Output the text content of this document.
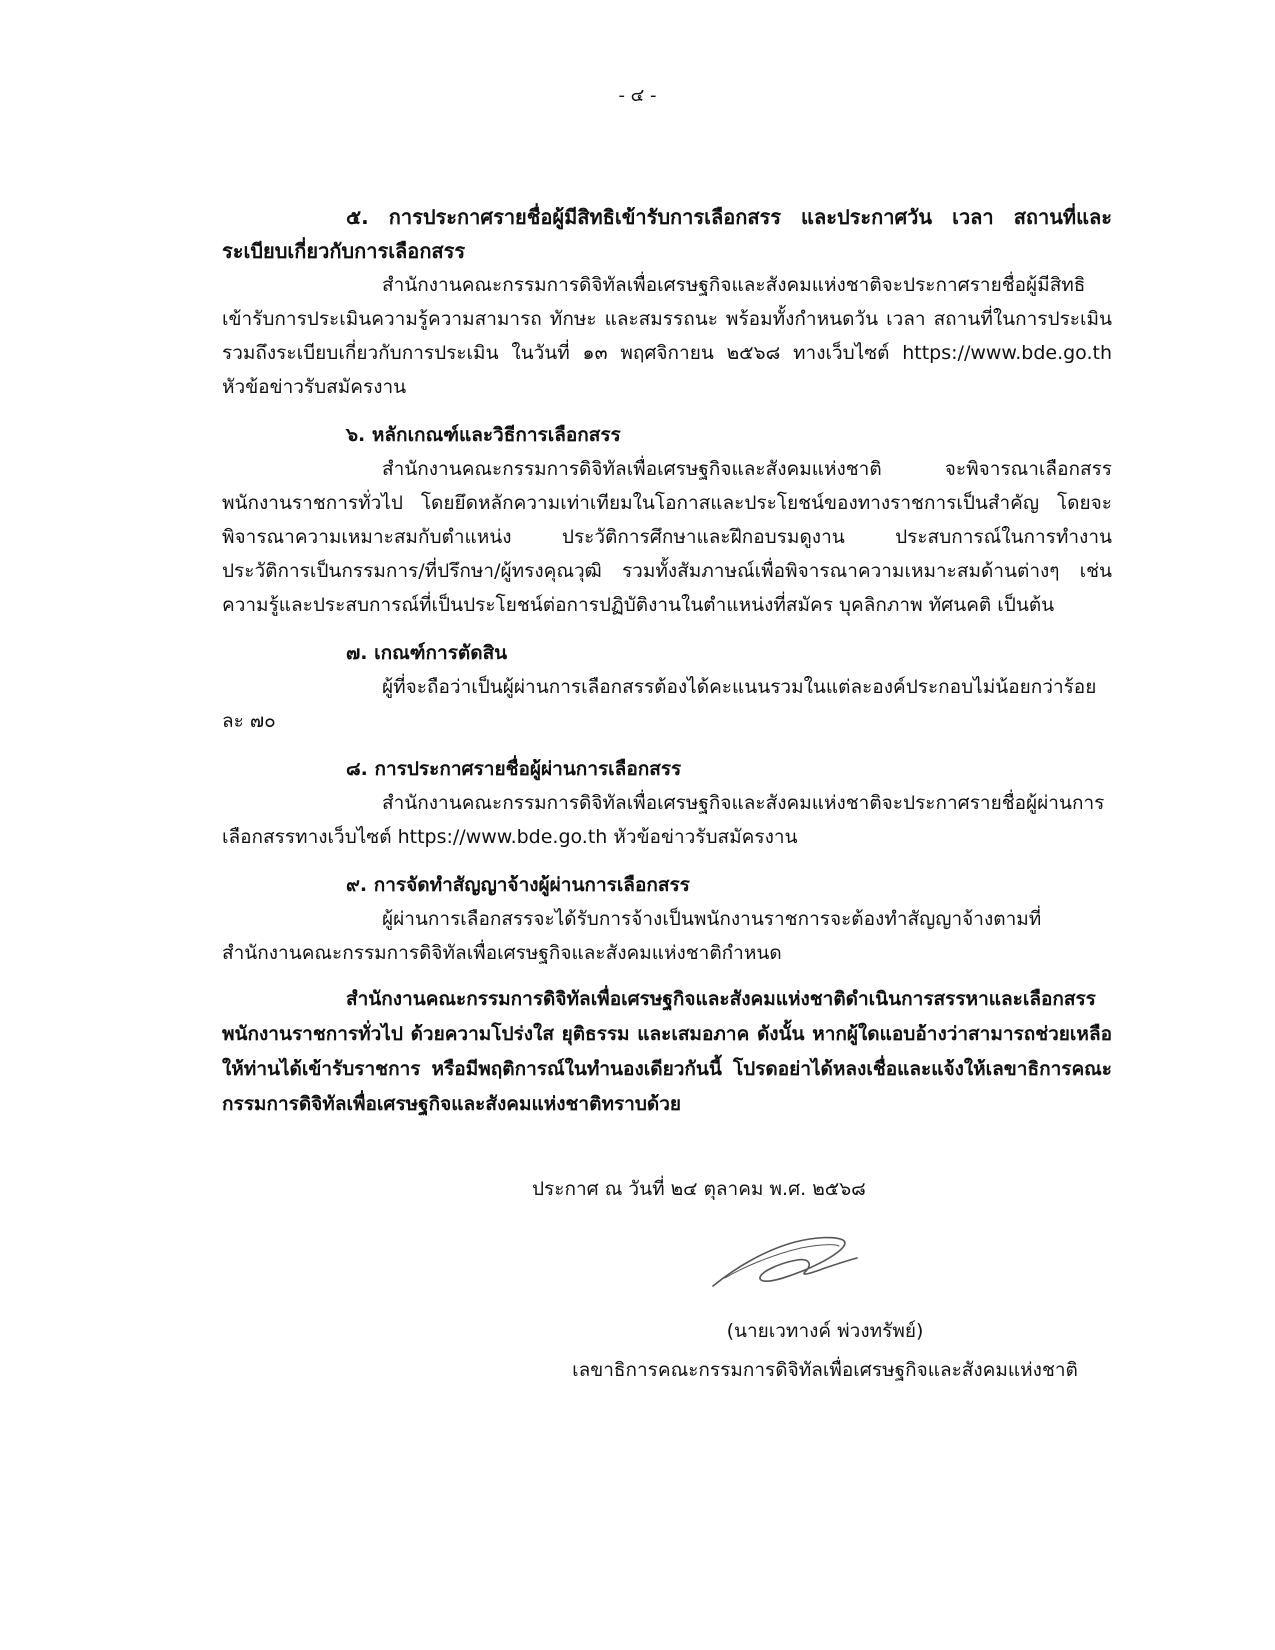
- ๔ -

๕. การประกาศรายชื่อผู้มีสิทธิเข้ารับการเลือกสรร และประกาศวัน เวลา สถานที่และระเบียบเกี่ยวกับการเลือกสรร

สำนักงานคณะกรรมการดิจิทัลเพื่อเศรษฐกิจและสังคมแห่งชาติจะประกาศรายชื่อผู้มีสิทธิเข้ารับการประเมินความรู้ความสามารถ ทักษะ และสมรรถนะ พร้อมทั้งกำหนดวัน เวลา สถานที่ในการประเมินรวมถึงระเบียบเกี่ยวกับการประเมิน ในวันที่ ๑๓ พฤศจิกายน ๒๕๖๘ ทางเว็บไซต์ https://www.bde.go.th หัวข้อข่าวรับสมัครงาน

๖. หลักเกณฑ์และวิธีการเลือกสรร

สำนักงานคณะกรรมการดิจิทัลเพื่อเศรษฐกิจและสังคมแห่งชาติ จะพิจารณาเลือกสรรพนักงานราชการทั่วไป โดยยึดหลักความเท่าเทียมในโอกาสและประโยชน์ของทางราชการเป็นสำคัญ โดยจะพิจารณาความเหมาะสมกับตำแหน่ง ประวัติการศึกษาและฝึกอบรมดูงาน ประสบการณ์ในการทำงาน ประวัติการเป็นกรรมการ/ที่ปรึกษา/ผู้ทรงคุณวุฒิ รวมทั้งสัมภาษณ์เพื่อพิจารณาความเหมาะสมด้านต่างๆ เช่น ความรู้และประสบการณ์ที่เป็นประโยชน์ต่อการปฏิบัติงานในตำแหน่งที่สมัคร บุคลิกภาพ ทัศนคติ เป็นต้น

๗. เกณฑ์การตัดสิน

ผู้ที่จะถือว่าเป็นผู้ผ่านการเลือกสรรต้องได้คะแนนรวมในแต่ละองค์ประกอบไม่น้อยกว่าร้อยละ ๗๐

๘. การประกาศรายชื่อผู้ผ่านการเลือกสรร

สำนักงานคณะกรรมการดิจิทัลเพื่อเศรษฐกิจและสังคมแห่งชาติจะประกาศรายชื่อผู้ผ่านการเลือกสรรทางเว็บไซต์ https://www.bde.go.th หัวข้อข่าวรับสมัครงาน

๙. การจัดทำสัญญาจ้างผู้ผ่านการเลือกสรร

ผู้ผ่านการเลือกสรรจะได้รับการจ้างเป็นพนักงานราชการจะต้องทำสัญญาจ้างตามที่สำนักงานคณะกรรมการดิจิทัลเพื่อเศรษฐกิจและสังคมแห่งชาติกำหนด

สำนักงานคณะกรรมการดิจิทัลเพื่อเศรษฐกิจและสังคมแห่งชาติดำเนินการสรรหาและเลือกสรรพนักงานราชการทั่วไป ด้วยความโปร่งใส ยุติธรรม และเสมอภาค ดังนั้น หากผู้ใดแอบอ้างว่าสามารถช่วยเหลือให้ท่านได้เข้ารับราชการ หรือมีพฤติการณ์ในทำนองเดียวกันนี้ โปรดอย่าได้หลงเชื่อและแจ้งให้เลขาธิการคณะกรรมการดิจิทัลเพื่อเศรษฐกิจและสังคมแห่งชาติทราบด้วย

ประกาศ ณ วันที่ ๒๔ ตุลาคม พ.ศ. ๒๕๖๘
(นายเวทางค์ พ่วงทรัพย์)
เลขาธิการคณะกรรมการดิจิทัลเพื่อเศรษฐกิจและสังคมแห่งชาติ
